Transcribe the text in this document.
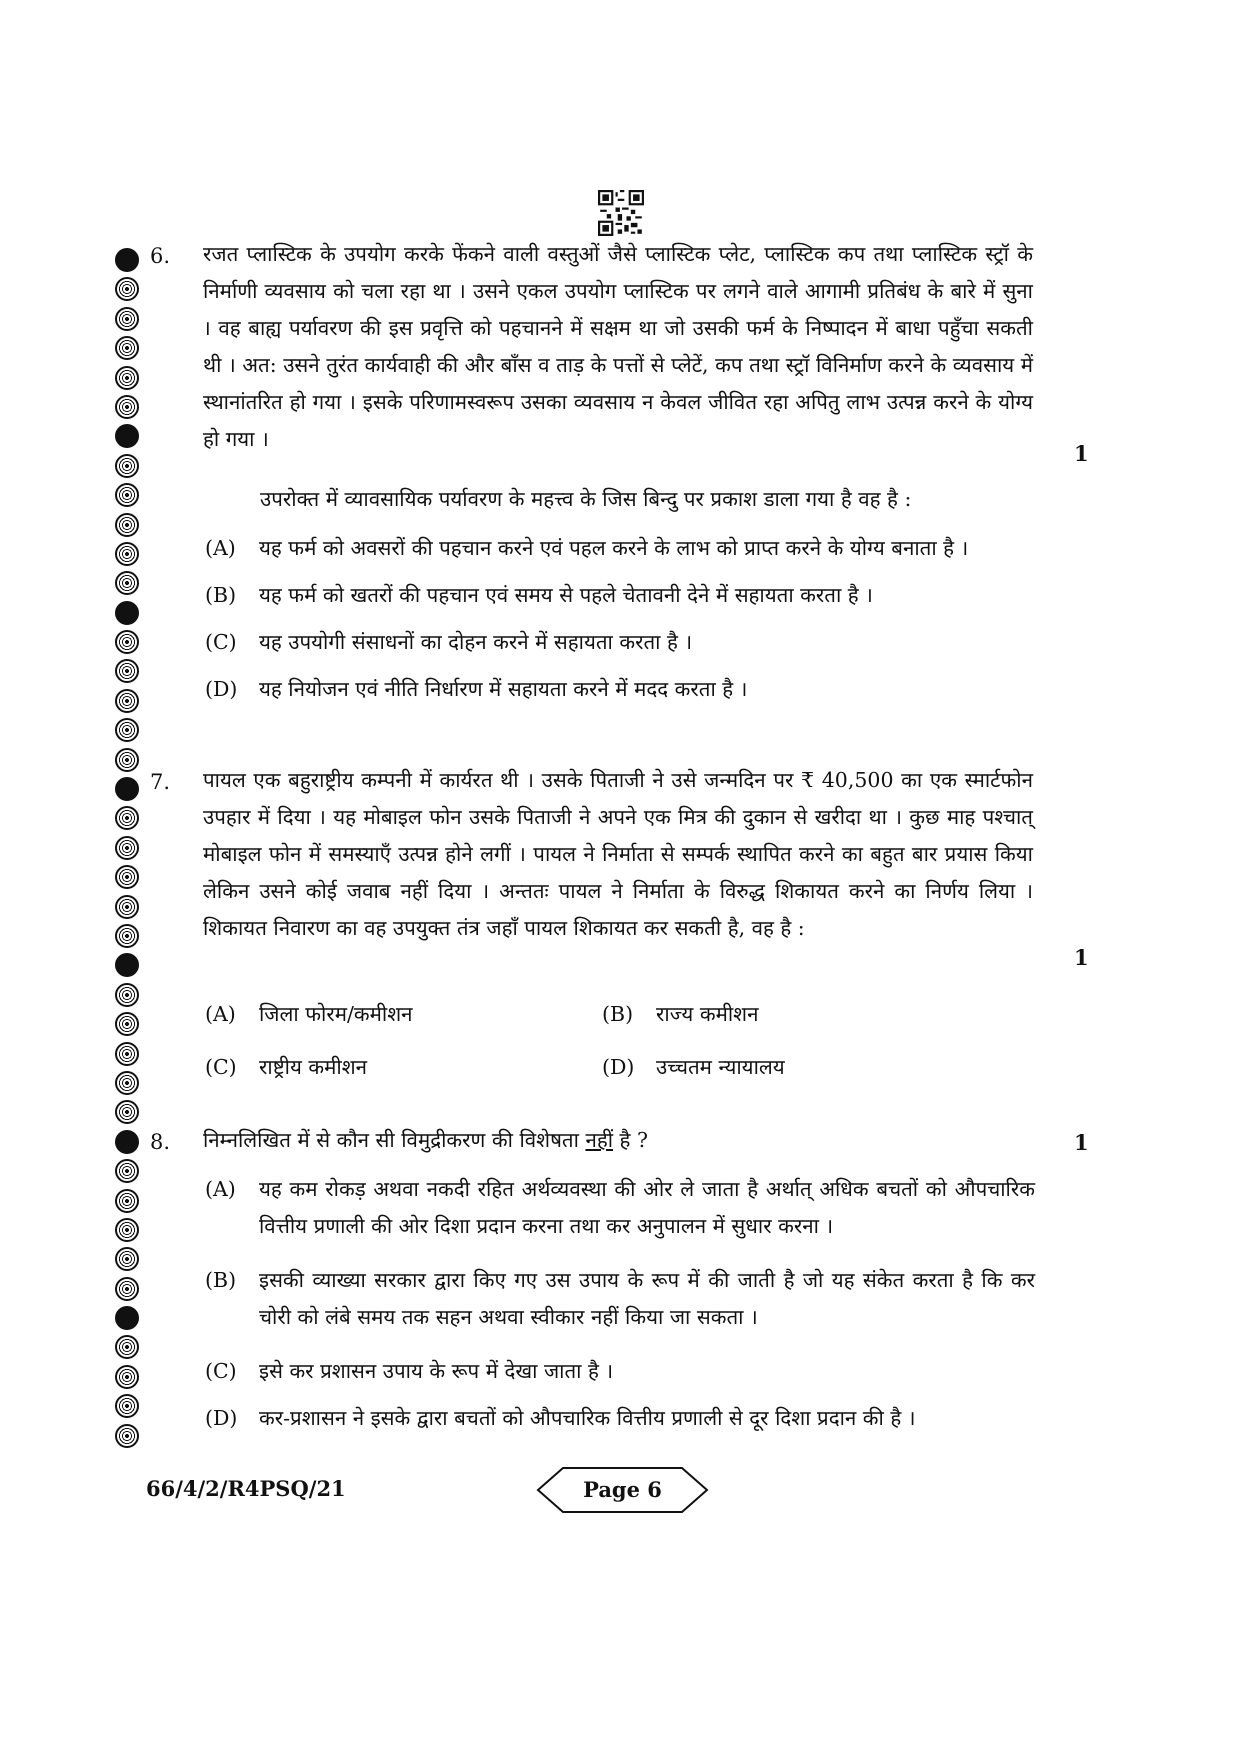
6. रजत प्लास्टिक के उपयोग करके फेंकने वाली वस्तुओं जैसे प्लास्टिक प्लेट, प्लास्टिक कप तथा प्लास्टिक स्ट्रॉ के निर्माणी व्यवसाय को चला रहा था । उसने एकल उपयोग प्लास्टिक पर लगने वाले आगामी प्रतिबंध के बारे में सुना । वह बाह्य पर्यावरण की इस प्रवृत्ति को पहचानने में सक्षम था जो उसकी फर्म के निष्पादन में बाधा पहुँचा सकती थी । अत: उसने तुरंत कार्यवाही की और बाँस व ताड़ के पत्तों से प्लेटें, कप तथा स्ट्रॉ विनिर्माण करने के व्यवसाय में स्थानांतरित हो गया । इसके परिणामस्वरूप उसका व्यवसाय न केवल जीवित रहा अपितु लाभ उत्पन्न करने के योग्य हो गया ।
1
उपरोक्त में व्यावसायिक पर्यावरण के महत्त्व के जिस बिन्दु पर प्रकाश डाला गया है वह है :
(A)	यह फर्म को अवसरों की पहचान करने एवं पहल करने के लाभ को प्राप्त करने के योग्य बनाता है ।
(B)	यह फर्म को खतरों की पहचान एवं समय से पहले चेतावनी देने में सहायता करता है ।
(C)	यह उपयोगी संसाधनों का दोहन करने में सहायता करता है ।
(D)	यह नियोजन एवं नीति निर्धारण में सहायता करने में मदद करता है ।
7. पायल एक बहुराष्ट्रीय कम्पनी में कार्यरत थी । उसके पिताजी ने उसे जन्मदिन पर ₹ 40,500 का एक स्मार्टफोन उपहार में दिया । यह मोबाइल फोन उसके पिताजी ने अपने एक मित्र की दुकान से खरीदा था । कुछ माह पश्चात् मोबाइल फोन में समस्याएँ उत्पन्न होने लगीं । पायल ने निर्माता से सम्पर्क स्थापित करने का बहुत बार प्रयास किया लेकिन उसने कोई जवाब नहीं दिया । अन्ततः पायल ने निर्माता के विरुद्ध शिकायत करने का निर्णय लिया । शिकायत निवारण का वह उपयुक्त तंत्र जहाँ पायल शिकायत कर सकती है, वह है :
1
(A)	जिला फोरम/कमीशन	(B)	राज्य कमीशन
(C)	राष्ट्रीय कमीशन	(D)	उच्चतम न्यायालय
8. निम्नलिखित में से कौन सी विमुद्रीकरण की विशेषता नहीं है ?	1
(A)	यह कम रोकड़ अथवा नकदी रहित अर्थव्यवस्था की ओर ले जाता है अर्थात् अधिक बचतों को औपचारिक वित्तीय प्रणाली की ओर दिशा प्रदान करना तथा कर अनुपालन में सुधार करना ।
(B)	इसकी व्याख्या सरकार द्वारा किए गए उस उपाय के रूप में की जाती है जो यह संकेत करता है कि कर चोरी को लंबे समय तक सहन अथवा स्वीकार नहीं किया जा सकता ।
(C)	इसे कर प्रशासन उपाय के रूप में देखा जाता है ।
(D)	कर-प्रशासन ने इसके द्वारा बचतों को औपचारिक वित्तीय प्रणाली से दूर दिशा प्रदान की है ।
66/4/2/R4PSQ/21	Page 6
